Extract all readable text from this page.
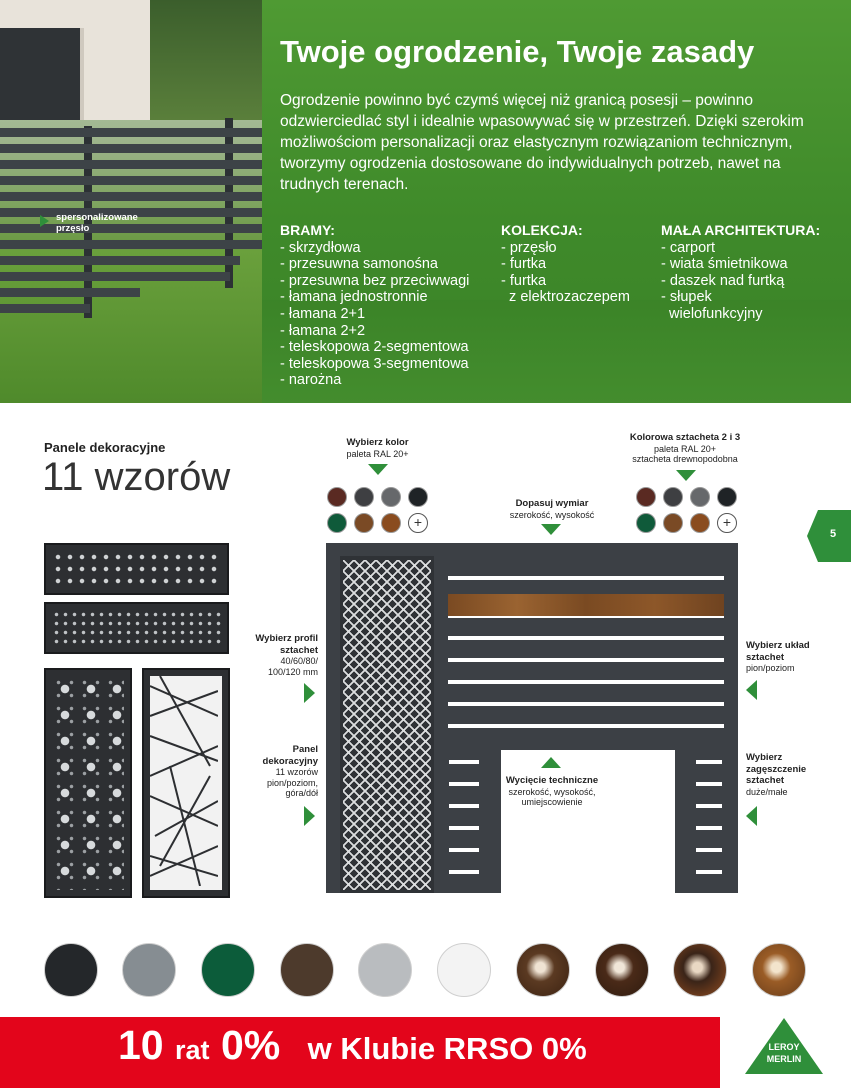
spersonalizowane
przęsło
Twoje ogrodzenie, Twoje zasady

Ogrodzenie powinno być czymś więcej niż granicą posesji – powinno odzwierciedlać styl i idealnie wpasowywać się w przestrzeń. Dzięki szerokim możliwościom personalizacji oraz elastycznym rozwiązaniom technicznym, tworzymy ogrodzenia dostosowane do indywidualnych potrzeb, nawet na trudnych terenach.

BRAMY:
- skrzydłowa
- przesuwna samonośna
- przesuwna bez przeciwwagi
- łamana jednostronnie
- łamana 2+1
- łamana 2+2
- teleskopowa 2-segmentowa
- teleskopowa 3-segmentowa
- narożna
KOLEKCJA:
- przęsło
- furtka
- furtka
z elektrozaczepem
MAŁA ARCHITEKTURA:
- carport
- wiata śmietnikowa
- daszek nad furtką
- słupek
wielofunkcyjny

Panele dekoracyjne

11 wzorów
Wybierz kolor
paleta RAL 20+
Dopasuj wymiar
szerokość, wysokość
Kolorowa sztacheta 2 i 3
paleta RAL 20+
sztacheta drewnopodobna
+	+
5
Wybierz profil sztachet
40/60/80/
100/120 mm
Panel dekoracyjny
11 wzorów
pion/poziom,
góra/dół
Wybierz układ sztachet
pion/poziom
Wybierz zagęszczenie sztachet
duże/małe
Wycięcie techniczne
szerokość, wysokość,
umiejscowienie
10 rat 0% w Klubie RRSO 0%	LEROY
MERLIN
